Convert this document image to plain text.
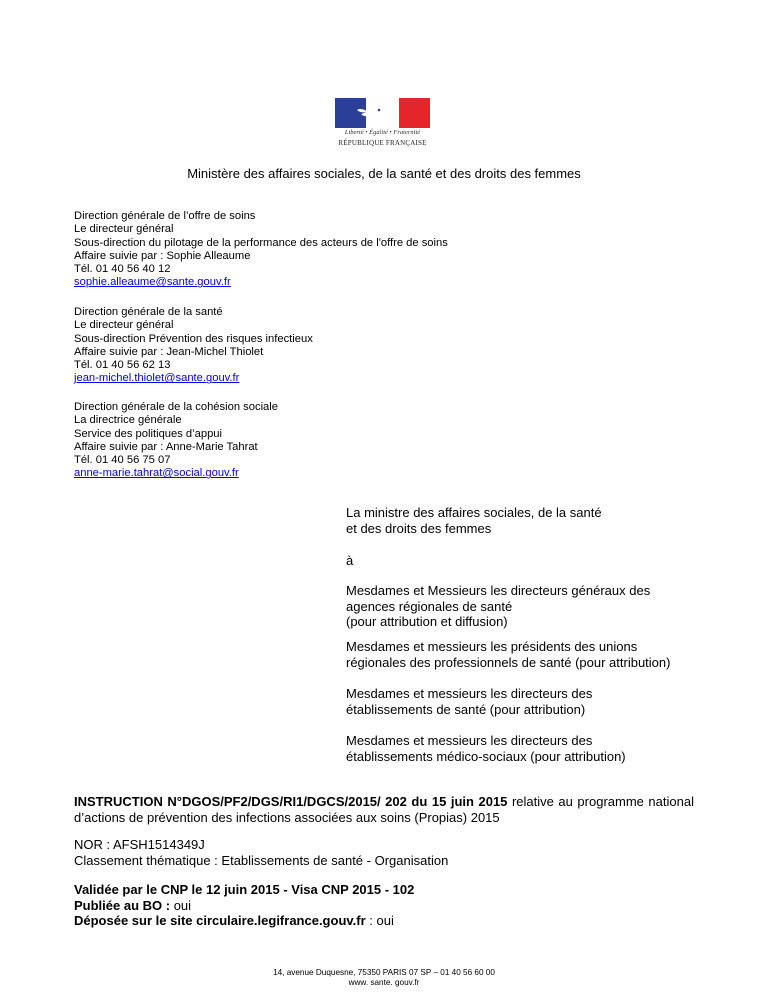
Liberté • Égalité • Fraternité
RÉPUBLIQUE FRANÇAISE
Ministère des affaires sociales, de la santé et des droits des femmes
Direction générale de l’offre de soins
Le directeur général
Sous-direction du pilotage de la performance des acteurs de l'offre de soins
Affaire suivie par : Sophie Alleaume
Tél. 01 40 56 40 12
sophie.alleaume@sante.gouv.fr
Direction générale de la santé
Le directeur général
Sous-direction Prévention des risques infectieux
Affaire suivie par : Jean-Michel Thiolet
Tél. 01 40 56 62 13
jean-michel.thiolet@sante.gouv.fr
Direction générale de la cohésion sociale
La directrice générale
Service des politiques d’appui
Affaire suivie par : Anne-Marie Tahrat
Tél. 01 40 56 75 07
anne-marie.tahrat@social.gouv.fr
La ministre des affaires sociales, de la santé
et des droits des femmes
à
Mesdames et Messieurs les directeurs généraux des
agences régionales de santé
(pour attribution et diffusion)
Mesdames et messieurs les présidents des unions
régionales des professionnels de santé (pour attribution)
Mesdames et messieurs les directeurs des
établissements de santé (pour attribution)
Mesdames et messieurs les directeurs des
établissements médico-sociaux (pour attribution)
INSTRUCTION N°DGOS/PF2/DGS/RI1/DGCS/2015/ 202 du 15 juin 2015 relative au programme national d’actions de prévention des infections associées aux soins (Propias) 2015
NOR : AFSH1514349J
Classement thématique : Etablissements de santé - Organisation
Validée par le CNP le 12 juin 2015 - Visa CNP 2015 - 102
Publiée au BO : oui
Déposée sur le site circulaire.legifrance.gouv.fr : oui
14, avenue Duquesne, 75350 PARIS 07 SP – 01 40 56 60 00
www. sante. gouv.fr
